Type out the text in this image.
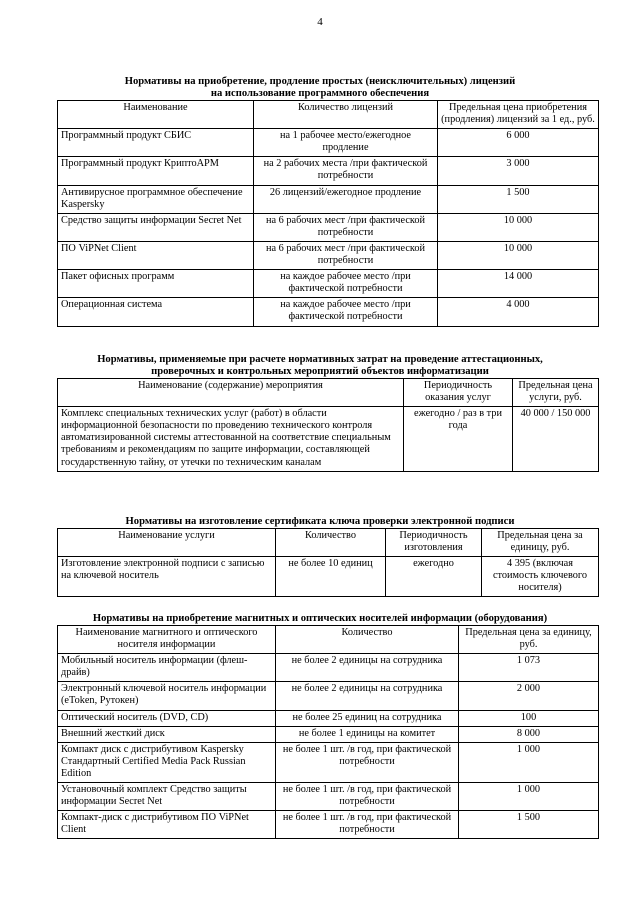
4
Нормативы на приобретение, продление простых (неисключительных) лицензий
на использование программного обеспечения
Наименование	Количество лицензий	Предельная цена приобретения (продления) лицензий за 1 ед., руб.
Программный продукт СБИС	на 1 рабочее место/ежегодное продление	6 000
Программный продукт КриптоАРМ	на 2 рабочих места /при фактической потребности	3 000
Антивирусное программное обеспечение Kaspersky	26 лицензий/ежегодное продление	1 500
Средство защиты информации Secret Net	на 6 рабочих мест /при фактической потребности	10 000
ПО ViPNet Client	на 6 рабочих мест /при фактической потребности	10 000
Пакет офисных программ	на каждое рабочее место /при фактической потребности	14 000
Операционная система	на каждое рабочее место /при фактической потребности	4 000
Нормативы, применяемые при расчете нормативных затрат на проведение аттестационных,
проверочных и контрольных мероприятий объектов информатизации
Наименование (содержание) мероприятия	Периодичность оказания услуг	Предельная цена услуги, руб.
Комплекс специальных технических услуг (работ) в области информационной безопасности по проведению технического контроля автоматизированной системы аттестованной на соответствие специальным требованиям и рекомендациям по защите информации, составляющей государственную тайну, от утечки по техническим каналам	ежегодно / раз в три года	40 000 / 150 000
Нормативы на изготовление сертификата ключа проверки электронной подписи
Наименование услуги	Количество	Периодичность изготовления	Предельная цена за единицу, руб.
Изготовление электронной подписи с записью на ключевой носитель	не более 10 единиц	ежегодно	4 395 (включая стоимость ключевого носителя)
Нормативы на приобретение магнитных и оптических носителей информации (оборудования)
Наименование магнитного и оптического носителя информации	Количество	Предельная цена за единицу, руб.
Мобильный носитель информации (флеш-драйв)	не более 2 единицы на сотрудника	1 073
Электронный ключевой носитель информации (eToken, Рутокен)	не более 2 единицы на сотрудника	2 000
Оптический носитель (DVD, CD)	не более 25 единиц на сотрудника	100
Внешний жесткий диск	не более 1 единицы на комитет	8 000
Компакт диск с дистрибутивом Kaspersky Стандартный Certified Media Pack Russian Edition	не более 1 шт. /в год, при фактической потребности	1 000
Установочный комплект Средство защиты информации Secret Net	не более 1 шт. /в год, при фактической потребности	1 000
Компакт-диск с дистрибутивом ПО ViPNet Client	не более 1 шт. /в год, при фактической потребности	1 500
